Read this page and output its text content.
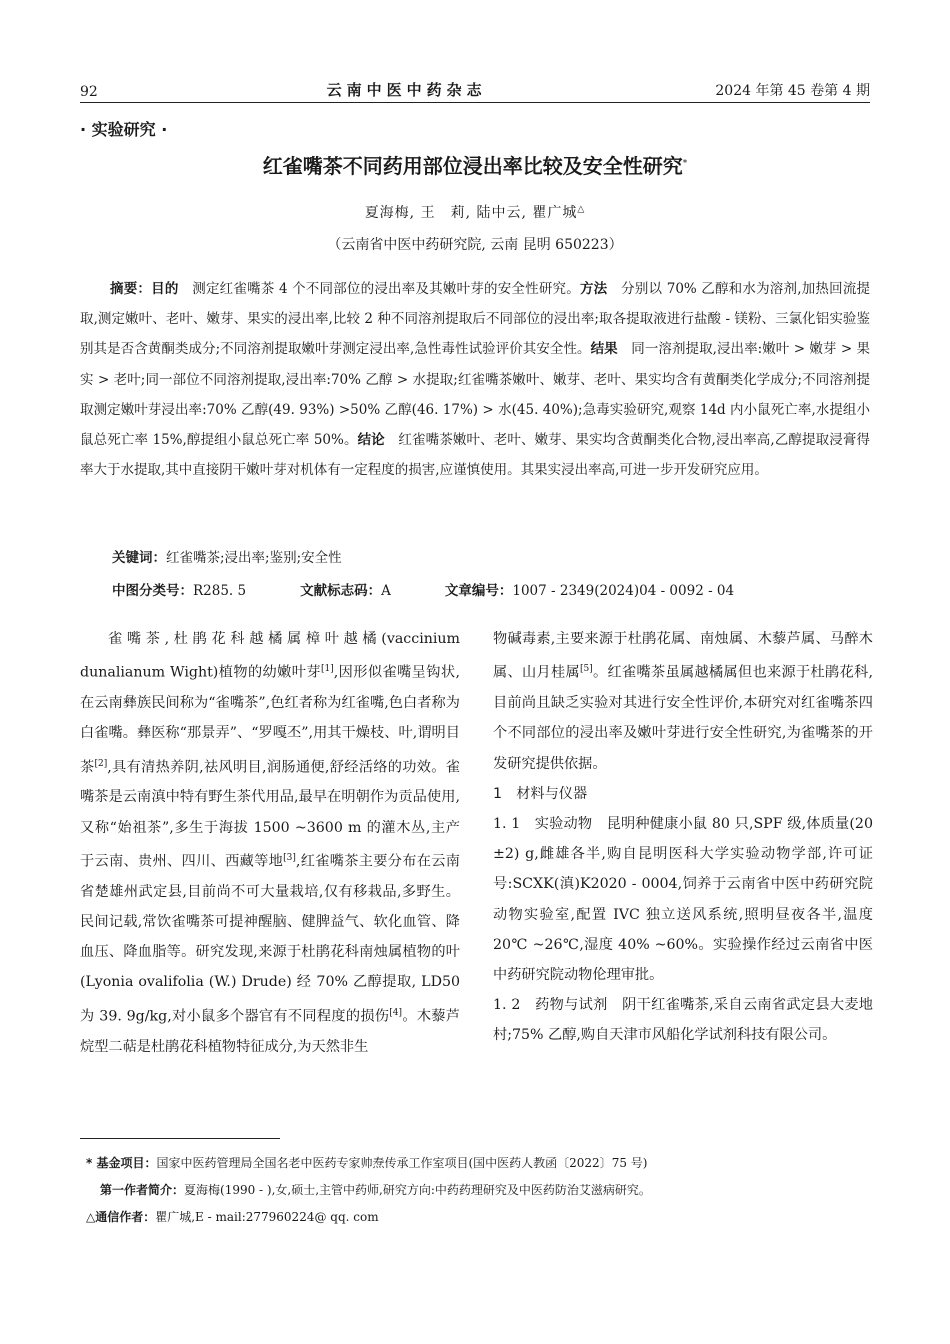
92	云南中医中药杂志	2024 年第 45 卷第 4 期
· 实验研究 ·
红雀嘴茶不同药用部位浸出率比较及安全性研究*
夏海梅, 王　莉, 陆中云, 瞿广城△
（云南省中医中药研究院, 云南 昆明 650223）
摘要：目的　 测定红雀嘴茶 4 个不同部位的浸出率及其嫩叶芽的安全性研究。方法　 分别以 70% 乙醇和水为溶剂,加热回流提取,测定嫩叶、老叶、嫩芽、果实的浸出率,比较 2 种不同溶剂提取后不同部位的浸出率;取各提取液进行盐酸 - 镁粉、三氯化铝实验鉴别其是否含黄酮类成分;不同溶剂提取嫩叶芽测定浸出率,急性毒性试验评价其安全性。结果　 同一溶剂提取,浸出率:嫩叶 > 嫩芽 > 果实 > 老叶;同一部位不同溶剂提取,浸出率:70% 乙醇 > 水提取;红雀嘴茶嫩叶、嫩芽、老叶、果实均含有黄酮类化学成分;不同溶剂提取测定嫩叶芽浸出率:70% 乙醇(49. 93%) >50% 乙醇(46. 17%) > 水(45. 40%);急毒实验研究,观察 14d 内小鼠死亡率,水提组小鼠总死亡率 15%,醇提组小鼠总死亡率 50%。结论　 红雀嘴茶嫩叶、老叶、嫩芽、果实均含黄酮类化合物,浸出率高,乙醇提取浸膏得率大于水提取,其中直接阴干嫩叶芽对机体有一定程度的损害,应谨慎使用。其果实浸出率高,可进一步开发研究应用。
关键词：红雀嘴茶;浸出率;鉴别;安全性
中图分类号：R285. 5	文献标志码：A	文章编号：1007 - 2349(2024)04 - 0092 - 04

雀嘴茶,杜鹃花科越橘属樟叶越橘(vaccinium dunalianum Wight)植物的幼嫩叶芽[1],因形似雀嘴呈钩状,在云南彝族民间称为“雀嘴茶”,色红者称为红雀嘴,色白者称为白雀嘴。彝医称“那景弄”、“罗嘎丕”,用其干燥枝、叶,谓明目茶[2],具有清热养阴,祛风明目,润肠通便,舒经活络的功效。雀嘴茶是云南滇中特有野生茶代用品,最早在明朝作为贡品使用,又称“始祖茶”,多生于海拔 1500 ~3600 m 的灌木丛,主产于云南、贵州、四川、西藏等地[3],红雀嘴茶主要分布在云南省楚雄州武定县,目前尚不可大量栽培,仅有移栽品,多野生。民间记载,常饮雀嘴茶可提神醒脑、健脾益气、软化血管、降血压、降血脂等。研究发现,来源于杜鹃花科南烛属植物的叶(Lyonia ovalifolia (W.) Drude) 经 70% 乙醇提取, LD50 为 39. 9g/kg,对小鼠多个器官有不同程度的损伤[4]。木藜芦烷型二萜是杜鹃花科植物特征成分,为天然非生

物碱毒素,主要来源于杜鹃花属、南烛属、木藜芦属、马醉木属、山月桂属[5]。红雀嘴茶虽属越橘属但也来源于杜鹃花科,目前尚且缺乏实验对其进行安全性评价,本研究对红雀嘴茶四个不同部位的浸出率及嫩叶芽进行安全性研究,为雀嘴茶的开发研究提供依据。

1　材料与仪器

1. 1　实验动物　 昆明种健康小鼠 80 只,SPF 级,体质量(20 ±2) g,雌雄各半,购自昆明医科大学实验动物学部,许可证号:SCXK(滇)K2020 - 0004,饲养于云南省中医中药研究院动物实验室,配置 IVC 独立送风系统,照明昼夜各半,温度 20℃ ~26℃,湿度 40% ~60%。实验操作经过云南省中医中药研究院动物伦理审批。

1. 2　药物与试剂　 阴干红雀嘴茶,采自云南省武定县大麦地村;75% 乙醇,购自天津市风船化学试剂科技有限公司。

* 基金项目：国家中医药管理局全国名老中医药专家帅焘传承工作室项目(国中医药人教函〔2022〕75 号)
第一作者简介：夏海梅(1990 - ),女,硕士,主管中药师,研究方向:中药药理研究及中医药防治艾滋病研究。
△通信作者：瞿广城,E - mail:277960224@ qq. com
